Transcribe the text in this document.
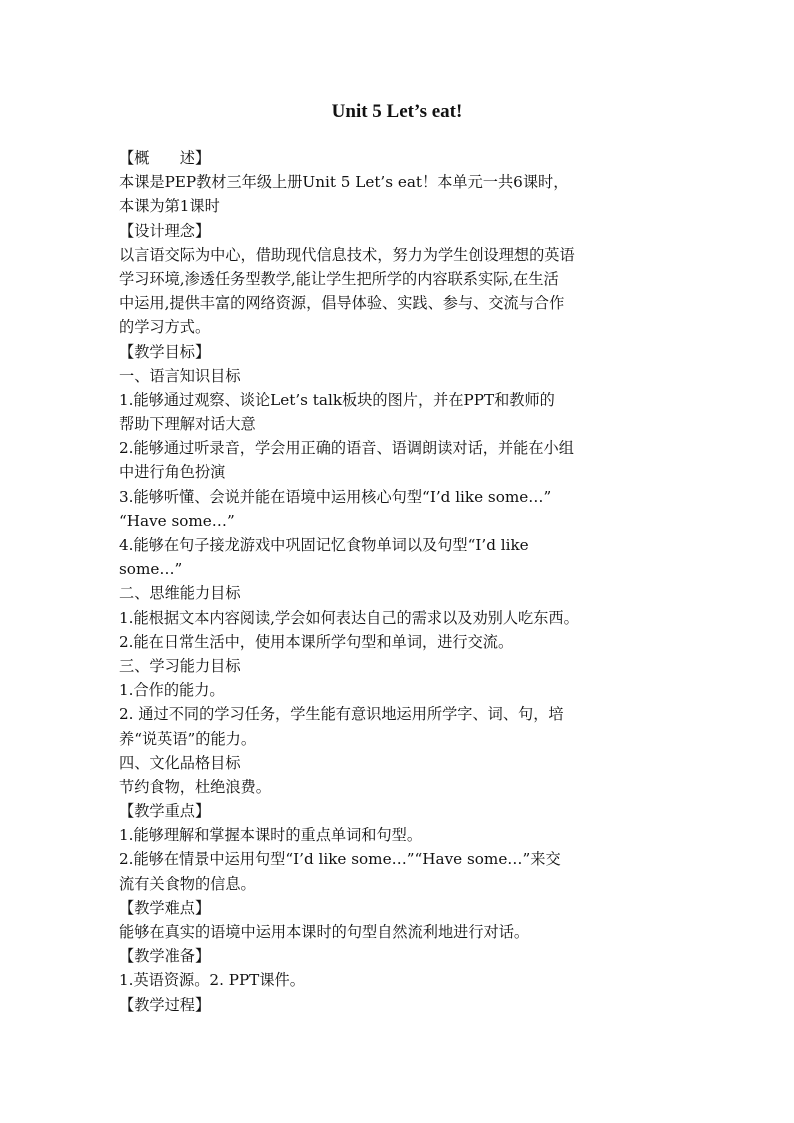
Unit 5 Let’s eat!
【概　　述】
本课是PEP教材三年级上册Unit 5 Let’s eat！本单元一共6课时，
本课为第1课时
【设计理念】
以言语交际为中心，借助现代信息技术，努力为学生创设理想的英语
学习环境,渗透任务型教学,能让学生把所学的内容联系实际,在生活
中运用,提供丰富的网络资源，倡导体验、实践、参与、交流与合作
的学习方式。
【教学目标】
一、语言知识目标
1.能够通过观察、谈论Let’s talk板块的图片，并在PPT和教师的
帮助下理解对话大意
2.能够通过听录音，学会用正确的语音、语调朗读对话，并能在小组
中进行角色扮演
3.能够听懂、会说并能在语境中运用核心句型“I’d like some…”
“Have some…”
4.能够在句子接龙游戏中巩固记忆食物单词以及句型“I’d like
some…”
二、思维能力目标
1.能根据文本内容阅读,学会如何表达自己的需求以及劝别人吃东西。
2.能在日常生活中，使用本课所学句型和单词，进行交流。
三、学习能力目标
1.合作的能力。
2. 通过不同的学习任务，学生能有意识地运用所学字、词、句，培
养“说英语”的能力。
四、文化品格目标
节约食物，杜绝浪费。
【教学重点】
1.能够理解和掌握本课时的重点单词和句型。
2.能够在情景中运用句型“I’d like some…”“Have some…”来交
流有关食物的信息。
【教学难点】
能够在真实的语境中运用本课时的句型自然流利地进行对话。
【教学准备】
1.英语资源。2. PPT课件。
【教学过程】
